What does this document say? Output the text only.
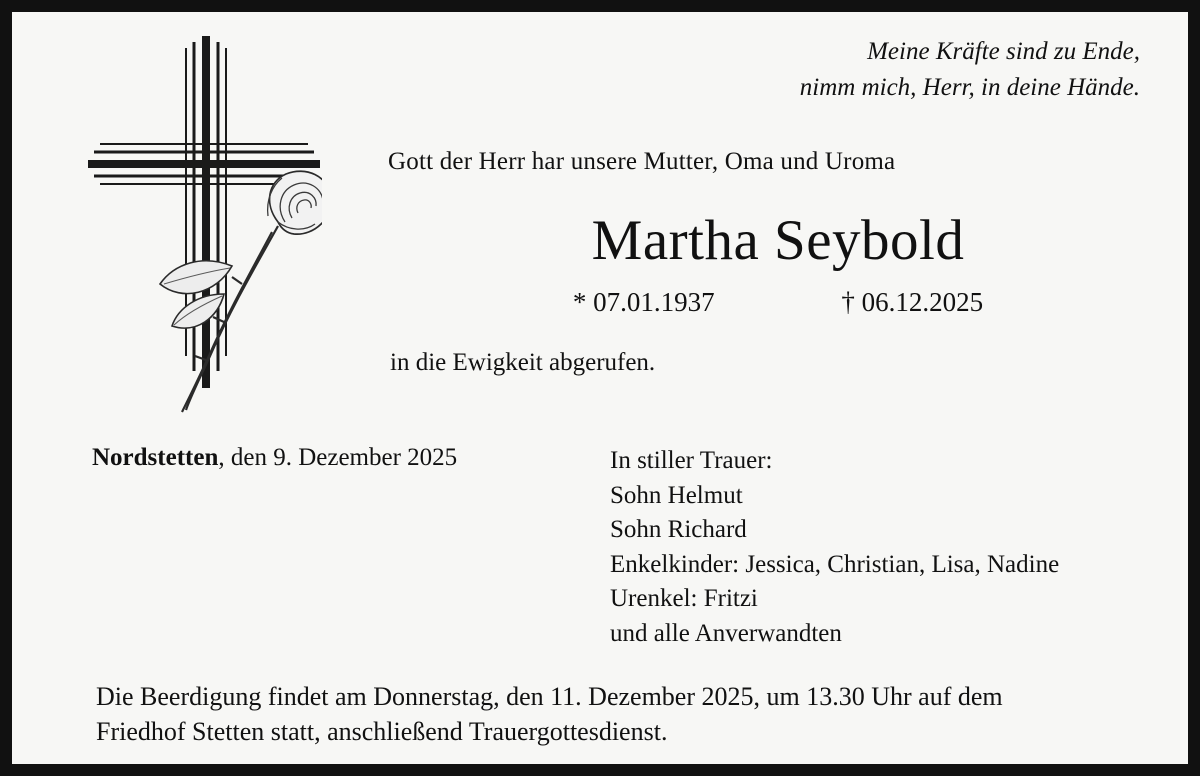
Meine Kräfte sind zu Ende,
nimm mich, Herr, in deine Hände.
Gott der Herr har unsere Mutter, Oma und Uroma
Martha Seybold
* 07.01.1937	† 06.12.2025
in die Ewigkeit abgerufen.
Nordstetten, den 9. Dezember 2025	In stiller Trauer:
Sohn Helmut
Sohn Richard
Enkelkinder: Jessica, Christian, Lisa, Nadine
Urenkel: Fritzi
und alle Anverwandten
Die Beerdigung findet am Donnerstag, den 11. Dezember 2025, um 13.30 Uhr auf dem
Friedhof Stetten statt, anschließend Trauergottesdienst.
